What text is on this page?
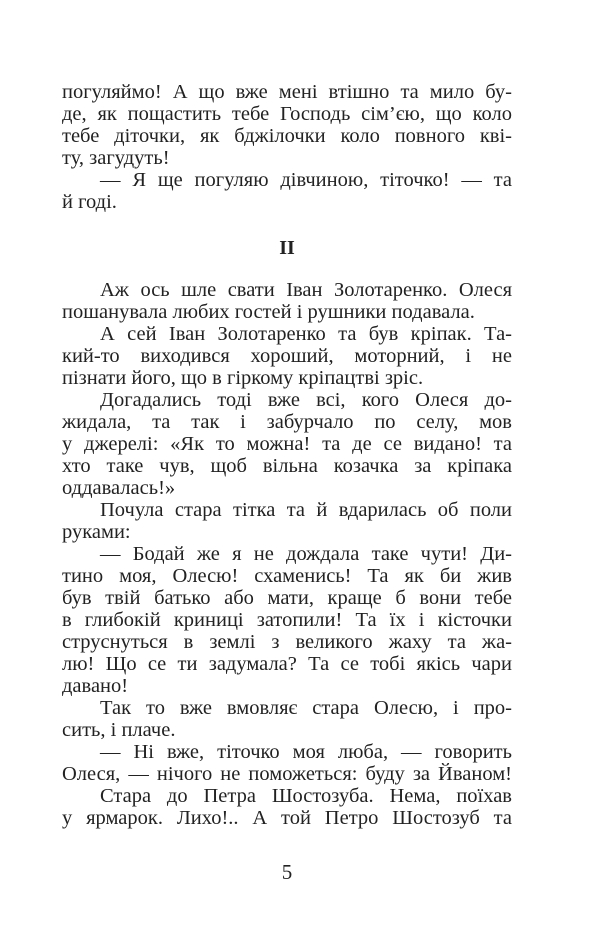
погуляймо! А що вже мені втішно та мило бу-
де, як пощастить тебе Господь сім’єю, що коло
тебе діточки, як бджілочки коло повного кві-
ту, загудуть!
— Я ще погуляю дівчиною, тіточко! — та
й годі.
II
Аж ось шле свати Іван Золотаренко. Олеся
пошанувала любих гостей і рушники подавала.
А сей Іван Золотаренко та був кріпак. Та-
кий-то виходився хороший, моторний, і не
пізнати його, що в гіркому кріпацтві зріс.
Догадались тоді вже всі, кого Олеся до-
жидала, та так і забурчало по селу, мов
у джерелі: «Як то можна! та де се видано! та
хто таке чув, щоб вільна козачка за кріпака
оддавалась!»
Почула стара тітка та й вдарилась об поли
руками:
— Бодай же я не дождала таке чути! Ди-
тино моя, Олесю! схаменись! Та як би жив
був твій батько або мати, краще б вони тебе
в глибокій криниці затопили! Та їх і кісточки
струснуться в землі з великого жаху та жа-
лю! Що се ти задумала? Та се тобі якісь чари
давано!
Так то вже вмовляє стара Олесю, і про-
сить, і плаче.
— Ні вже, тіточко моя люба, — говорить
Олеся, — нічого не поможеться: буду за Йваном!
Стара до Петра Шостозуба. Нема, поїхав
у ярмарок. Лихо!.. А той Петро Шостозуб та
5
